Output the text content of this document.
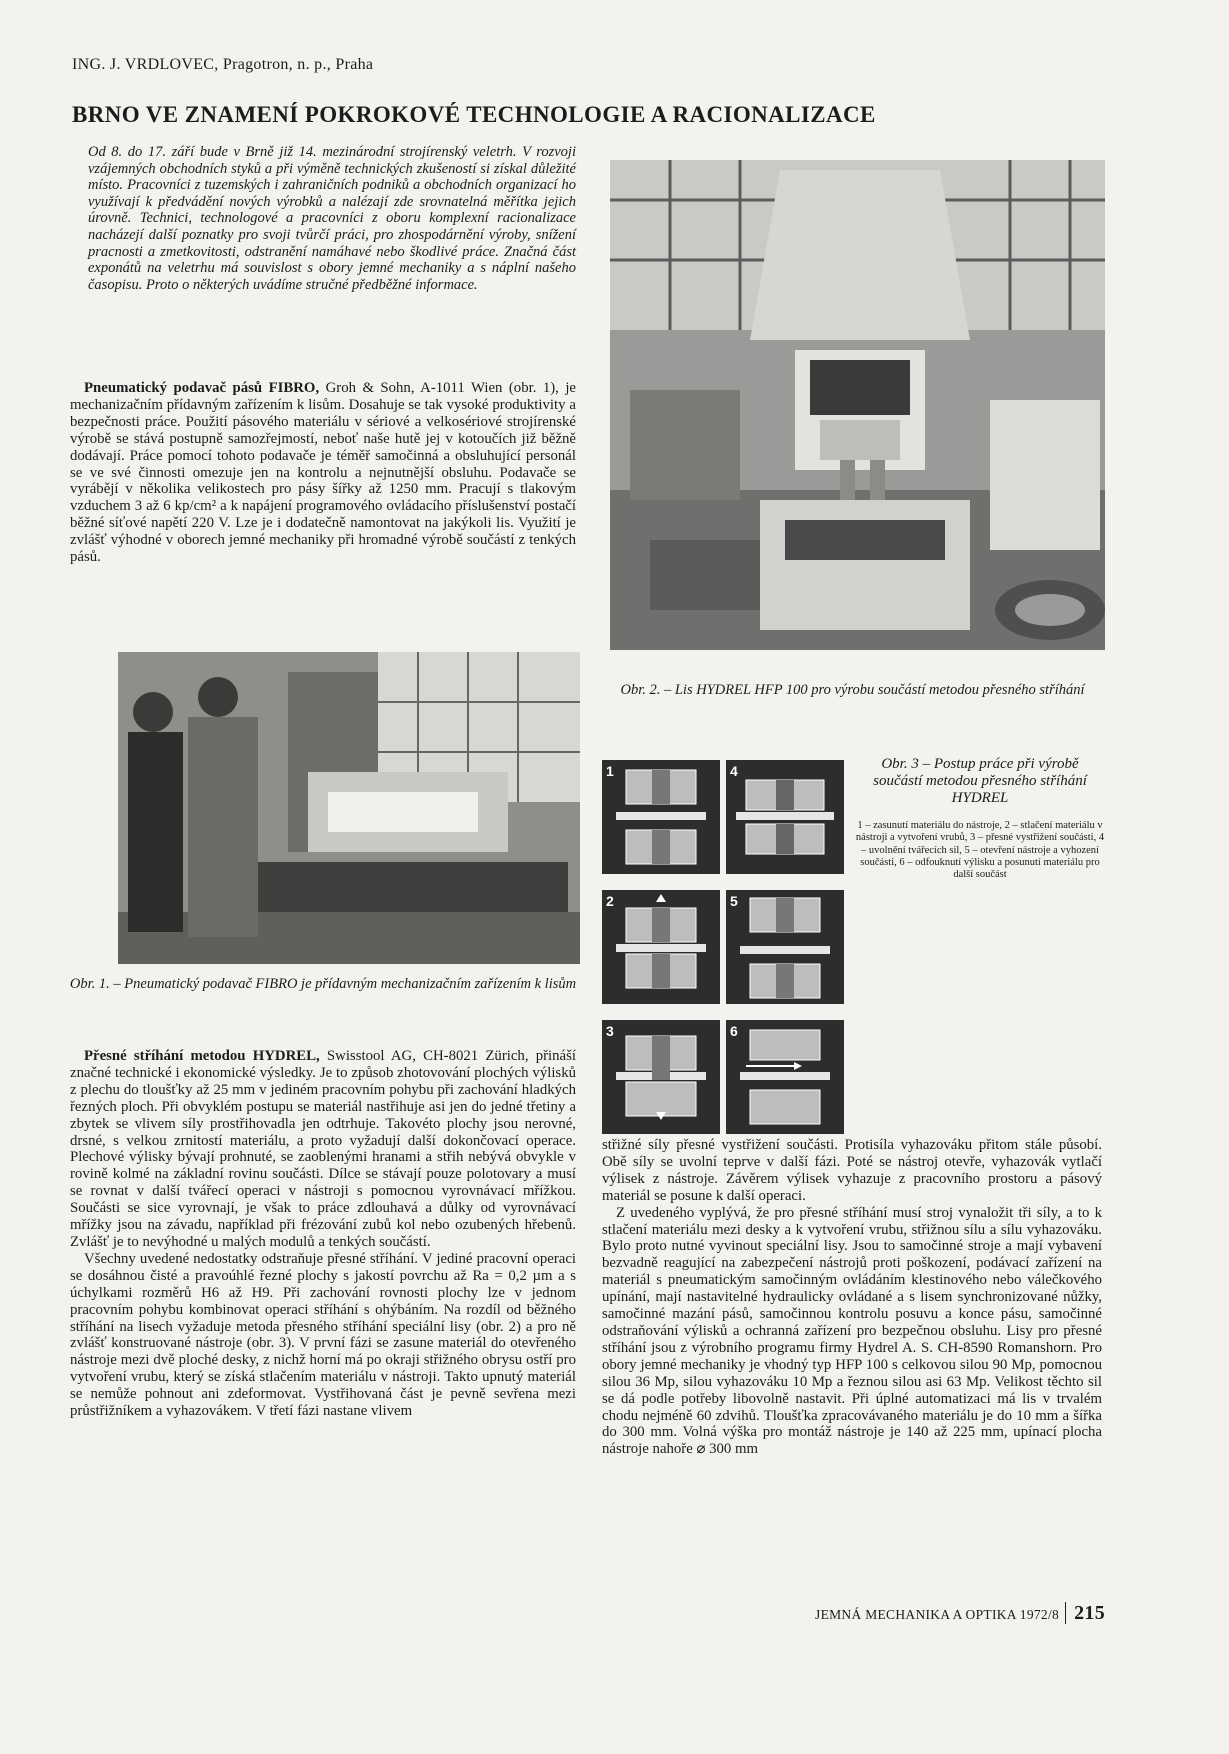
ING. J. VRDLOVEC, Pragotron, n. p., Praha
BRNO VE ZNAMENÍ POKROKOVÉ TECHNOLOGIE A RACIONALIZACE
Od 8. do 17. září bude v Brně již 14. mezinárodní strojírenský veletrh. V rozvoji vzájemných obchodních styků a při výměně technických zkušeností si získal důležité místo. Pracovníci z tuzemských i zahraničních podniků a obchodních organizací ho využívají k předvádění nových výrobků a nalézají zde srovnatelná měřítka jejich úrovně. Technici, technologové a pracovníci z oboru komplexní racionalizace nacházejí další poznatky pro svoji tvůrčí práci, pro zhospodárnění výroby, snížení pracnosti a zmetkovitosti, odstranění namáhavé nebo škodlivé práce. Značná část exponátů na veletrhu má souvislost s obory jemné mechaniky a s náplní našeho časopisu. Proto o některých uvádíme stručné předběžné informace.

Pneumatický podavač pásů FIBRO, Groh & Sohn, A-1011 Wien (obr. 1), je mechanizačním přídavným zařízením k lisům. Dosahuje se tak vysoké produktivity a bezpečnosti práce. Použití pásového materiálu v sériové a velkosériové strojírenské výrobě se stává postupně samozřejmostí, neboť naše hutě jej v kotoučích již běžně dodávají. Práce pomocí tohoto podavače je téměř samočinná a obsluhující personál se ve své činnosti omezuje jen na kontrolu a nejnutnější obsluhu. Podavače se vyrábějí v několika velikostech pro pásy šířky až 1250 mm. Pracují s tlakovým vzduchem 3 až 6 kp/cm² a k napájení programového ovládacího příslušenství postačí běžné síťové napětí 220 V. Lze je i dodatečně namontovat na jakýkoli lis. Využití je zvlášť výhodné v oborech jemné mechaniky při hromadné výrobě součástí z tenkých pásů.

Obr. 2. – Lis HYDREL HFP 100 pro výrobu součástí metodou přesného stříhání
Obr. 1. – Pneumatický podavač FIBRO je přídavným mechanizačním zařízením k lisům
1	4
2	5
3	6
Obr. 3 – Postup práce při výrobě součástí metodou přesného stříhání HYDREL
1 – zasunutí materiálu do nástroje, 2 – stlačení materiálu v nástroji a vytvoření vrubů, 3 – přesné vystřižení součásti, 4 – uvolnění tvářecích sil, 5 – otevření nástroje a vyhození součásti, 6 – odfouknutí výlisku a posunutí materiálu pro další součást

Přesné stříhání metodou HYDREL, Swisstool AG, CH-8021 Zürich, přináší značné technické i ekonomické výsledky. Je to způsob zhotovování plochých výlisků z plechu do tloušťky až 25 mm v jediném pracovním pohybu při zachování hladkých řezných ploch. Při obvyklém postupu se materiál nastřihuje asi jen do jedné třetiny a zbytek se vlivem síly prostřihovadla jen odtrhuje. Takovéto plochy jsou nerovné, drsné, s velkou zrnitostí materiálu, a proto vyžadují další dokončovací operace. Plechové výlisky bývají prohnuté, se zaoblenými hranami a střih nebývá obvykle v rovině kolmé na základní rovinu součásti. Dílce se stávají pouze polotovary a musí se rovnat v další tvářecí operaci v nástroji s pomocnou vyrovnávací mřížkou. Součásti se sice vyrovnají, je však to práce zdlouhavá a důlky od vyrovnávací mřížky jsou na závadu, například při frézování zubů kol nebo ozubených hřebenů. Zvlášť je to nevýhodné u malých modulů a tenkých součástí.

Všechny uvedené nedostatky odstraňuje přesné stříhání. V jediné pracovní operaci se dosáhnou čisté a pravoúhlé řezné plochy s jakostí povrchu až Ra = 0,2 µm a s úchylkami rozměrů H6 až H9. Při zachování rovnosti plochy lze v jednom pracovním pohybu kombinovat operaci stříhání s ohýbáním. Na rozdíl od běžného stříhání na lisech vyžaduje metoda přesného stříhání speciální lisy (obr. 2) a pro ně zvlášť konstruované nástroje (obr. 3). V první fázi se zasune materiál do otevřeného nástroje mezi dvě ploché desky, z nichž horní má po okraji střižného obrysu ostří pro vytvoření vrubu, který se získá stlačením materiálu v nástroji. Takto upnutý materiál se nemůže pohnout ani zdeformovat. Vystřihovaná část je pevně sevřena mezi průstřižníkem a vyhazovákem. V třetí fázi nastane vlivem

střižné síly přesné vystřižení součásti. Protisíla vyhazováku přitom stále působí. Obě síly se uvolní teprve v další fázi. Poté se nástroj otevře, vyhazovák vytlačí výlisek z nástroje. Závěrem výlisek vyhazuje z pracovního prostoru a pásový materiál se posune k další operaci.

Z uvedeného vyplývá, že pro přesné stříhání musí stroj vynaložit tři síly, a to k stlačení materiálu mezi desky a k vytvoření vrubu, střižnou sílu a sílu vyhazováku. Bylo proto nutné vyvinout speciální lisy. Jsou to samočinné stroje a mají vybavení bezvadně reagující na zabezpečení nástrojů proti poškození, podávací zařízení na materiál s pneumatickým samočinným ovládáním klestinového nebo válečkového upínání, mají nastavitelné hydraulicky ovládané a s lisem synchronizované nůžky, samočinné mazání pásů, samočinnou kontrolu posuvu a konce pásu, samočinné odstraňování výlisků a ochranná zařízení pro bezpečnou obsluhu. Lisy pro přesné stříhání jsou z výrobního programu firmy Hydrel A. S. CH-8590 Romanshorn. Pro obory jemné mechaniky je vhodný typ HFP 100 s celkovou silou 90 Mp, pomocnou silou 36 Mp, silou vyhazováku 10 Mp a řeznou silou asi 63 Mp. Velikost těchto sil se dá podle potřeby libovolně nastavit. Při úplné automatizaci má lis v trvalém chodu nejméně 60 zdvihů. Tloušťka zpracovávaného materiálu je do 10 mm a šířka do 300 mm. Volná výška pro montáž nástroje je 140 až 225 mm, upínací plocha nástroje nahoře ⌀ 300 mm

JEMNÁ MECHANIKA A OPTIKA 1972/8 215
